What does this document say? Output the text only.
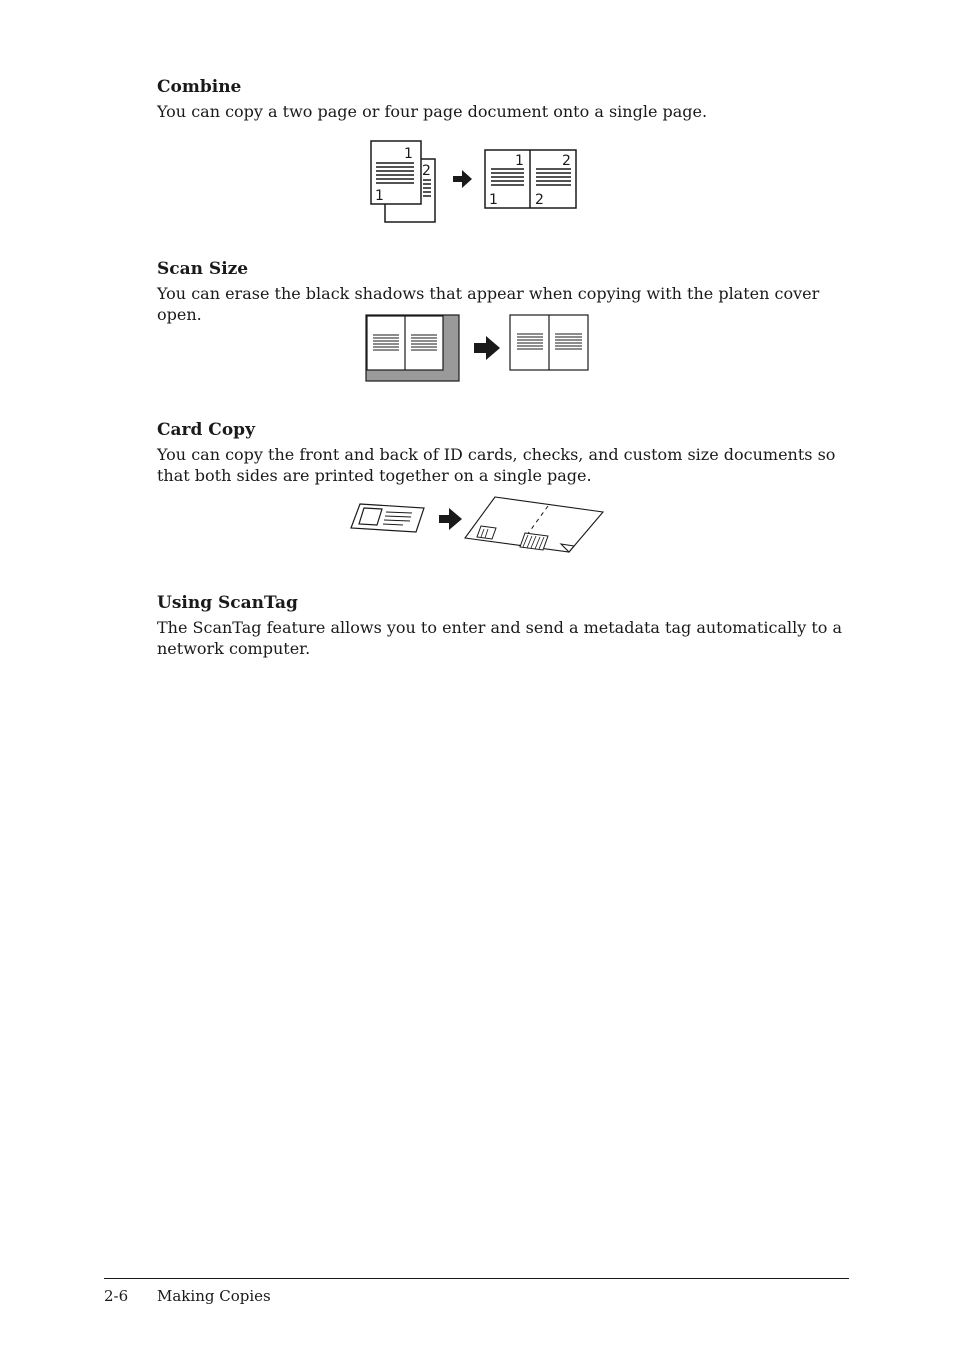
Combine

You can copy a two page or four page document onto a single page.

1
2
1
1	2
1	2

Scan Size

You can erase the black shadows that appear when copying with the platen cover open.

Card Copy

You can copy the front and back of ID cards, checks, and custom size documents so that both sides are printed together on a single page.

Using ScanTag

The ScanTag feature allows you to enter and send a metadata tag automatically to a network computer.

2-6 Making Copies
